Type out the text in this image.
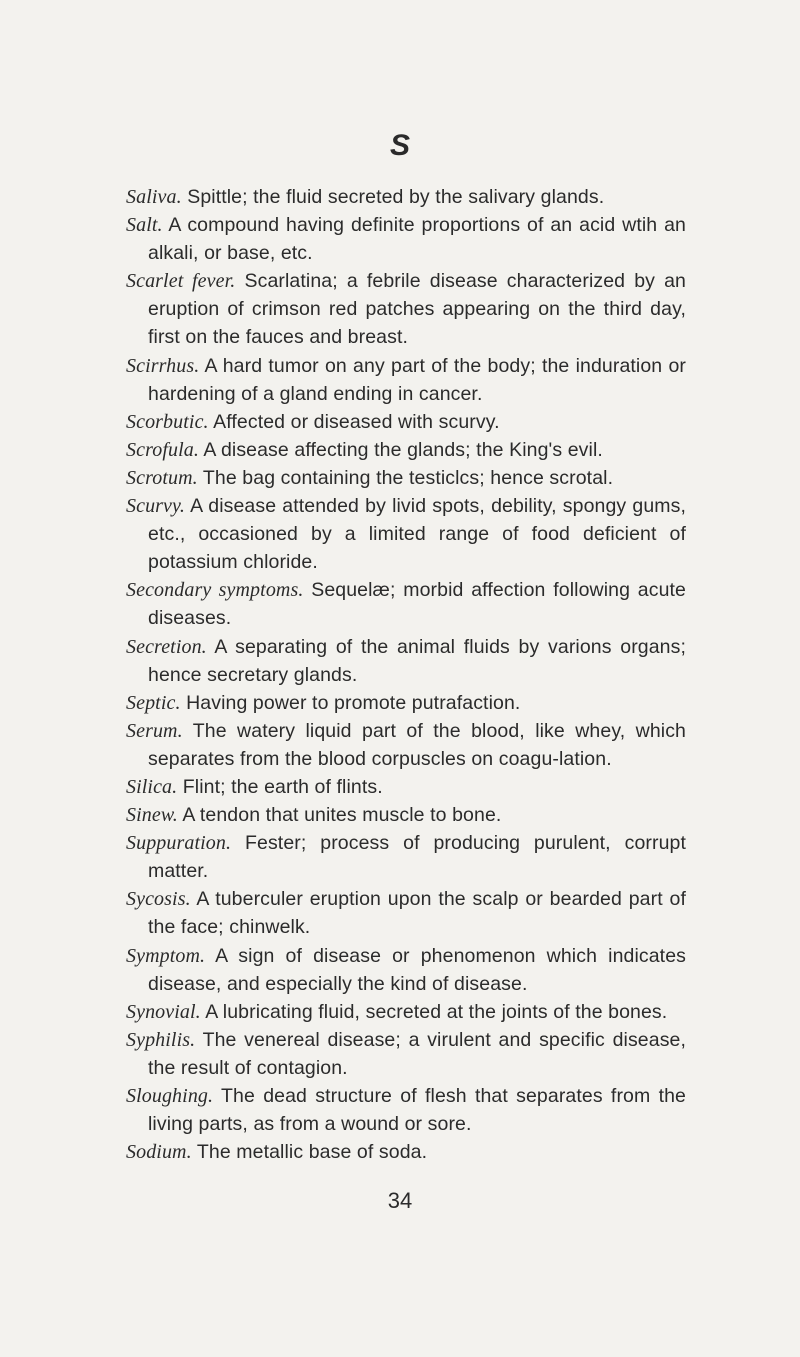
S

Saliva. Spittle; the fluid secreted by the salivary glands.

Salt. A compound having definite proportions of an acid wtih an alkali, or base, etc.

Scarlet fever. Scarlatina; a febrile disease characterized by an eruption of crimson red patches appearing on the third day, first on the fauces and breast.

Scirrhus. A hard tumor on any part of the body; the induration or hardening of a gland ending in cancer.

Scorbutic. Affected or diseased with scurvy.

Scrofula. A disease affecting the glands; the King's evil.

Scrotum. The bag containing the testiclcs; hence scrotal.

Scurvy. A disease attended by livid spots, debility, spongy gums, etc., occasioned by a limited range of food deficient of potassium chloride.

Secondary symptoms. Sequelæ; morbid affection following acute diseases.

Secretion. A separating of the animal fluids by varions organs; hence secretary glands.

Septic. Having power to promote putrafaction.

Serum. The watery liquid part of the blood, like whey, which separates from the blood corpuscles on coagu-lation.

Silica. Flint; the earth of flints.

Sinew. A tendon that unites muscle to bone.

Suppuration. Fester; process of producing purulent, corrupt matter.

Sycosis. A tuberculer eruption upon the scalp or bearded part of the face; chinwelk.

Symptom. A sign of disease or phenomenon which indicates disease, and especially the kind of disease.

Synovial. A lubricating fluid, secreted at the joints of the bones.

Syphilis. The venereal disease; a virulent and specific disease, the result of contagion.

Sloughing. The dead structure of flesh that separates from the living parts, as from a wound or sore.

Sodium. The metallic base of soda.

34
